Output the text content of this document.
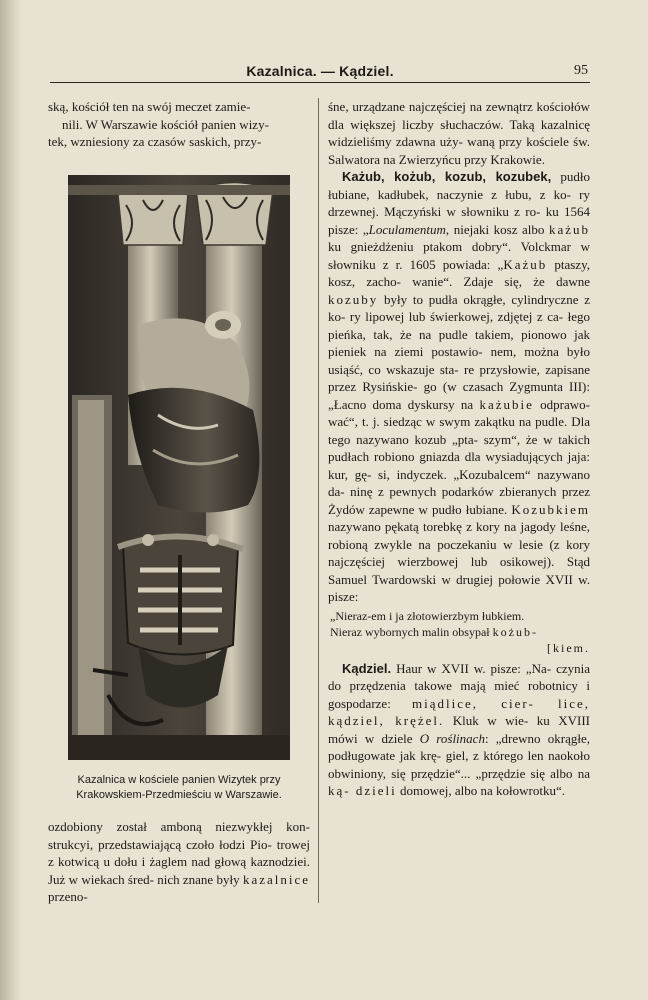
Kazalnica. — Kądziel.	95

ską, kościół ten na swój meczet zamie-

nili. W Warszawie kościół panien wizy-

tek, wzniesiony za czasów saskich, przy-

Kazalnica w kościele panien Wizytek przy
Krakowskiem-Przedmieściu w Warszawie.

ozdobiony został amboną niezwykłej kon- strukcyi, przedstawiającą czoło łodzi Pio- trowej z kotwicą u dołu i żaglem nad głową kaznodziei. Już w wiekach śred- nich znane były kazalnice przeno-

śne, urządzane najczęściej na zewnątrz kościołów dla większej liczby słuchaczów. Taką kazalnicę widzieliśmy zdawna uży- waną przy kościele św. Salwatora na Zwierzyńcu przy Krakowie.

Każub, kożub, kozub, kozubek, pudło łubiane, kadłubek, naczynie z łubu, z ko- ry drzewnej. Mączyński w słowniku z ro- ku 1564 pisze: „Loculamentum, niejaki kosz albo każub ku gnieżdżeniu ptakom dobry“. Volckmar w słowniku z r. 1605 powiada: „Każub ptaszy, kosz, zacho- wanie“. Zdaje się, że dawne kozuby były to pudła okrągłe, cylindryczne z ko- ry lipowej lub świerkowej, zdjętej z ca- łego pieńka, tak, że na pudle takiem, pionowo jak pieniek na ziemi postawio- nem, można było usiąść, co wskazuje sta- re przysłowie, zapisane przez Rysińskie- go (w czasach Zygmunta III): „Łacno doma dyskursy na każubie odprawo- wać“, t. j. siedząc w swym zakątku na pudle. Dla tego nazywano kozub „pta- szym“, że w takich pudłach robiono gniazda dla wysiadujących jaja: kur, gę- si, indyczek. „Kozubalcem“ nazywano da- ninę z pewnych podarków zbieranych przez Żydów zapewne w pudło łubiane. Kozubkiem nazywano pękatą torebkę z kory na jagody leśne, robioną zwykle na poczekaniu w lesie (z kory najczęściej wierzbowej lub osikowej). Stąd Samuel Twardowski w drugiej połowie XVII w. pisze:

„Nieraz-em i ja złotowierzbym łubkiem.
Nieraz wybornych malin obsypał kożub-
[kiem.

Kądziel. Haur w XVII w. pisze: „Na- czynia do przędzenia takowe mają mieć robotnicy i gospodarze: miądlice, cier- lice, kądziel, krężel. Kluk w wie- ku XVIII mówi w dziele O roślinach: „drewno okrągłe, podługowate jak krę- giel, z którego len naokoło obwiniony, się przędzie“... „przędzie się albo na ką- dzieli domowej, albo na kołowrotku“.
